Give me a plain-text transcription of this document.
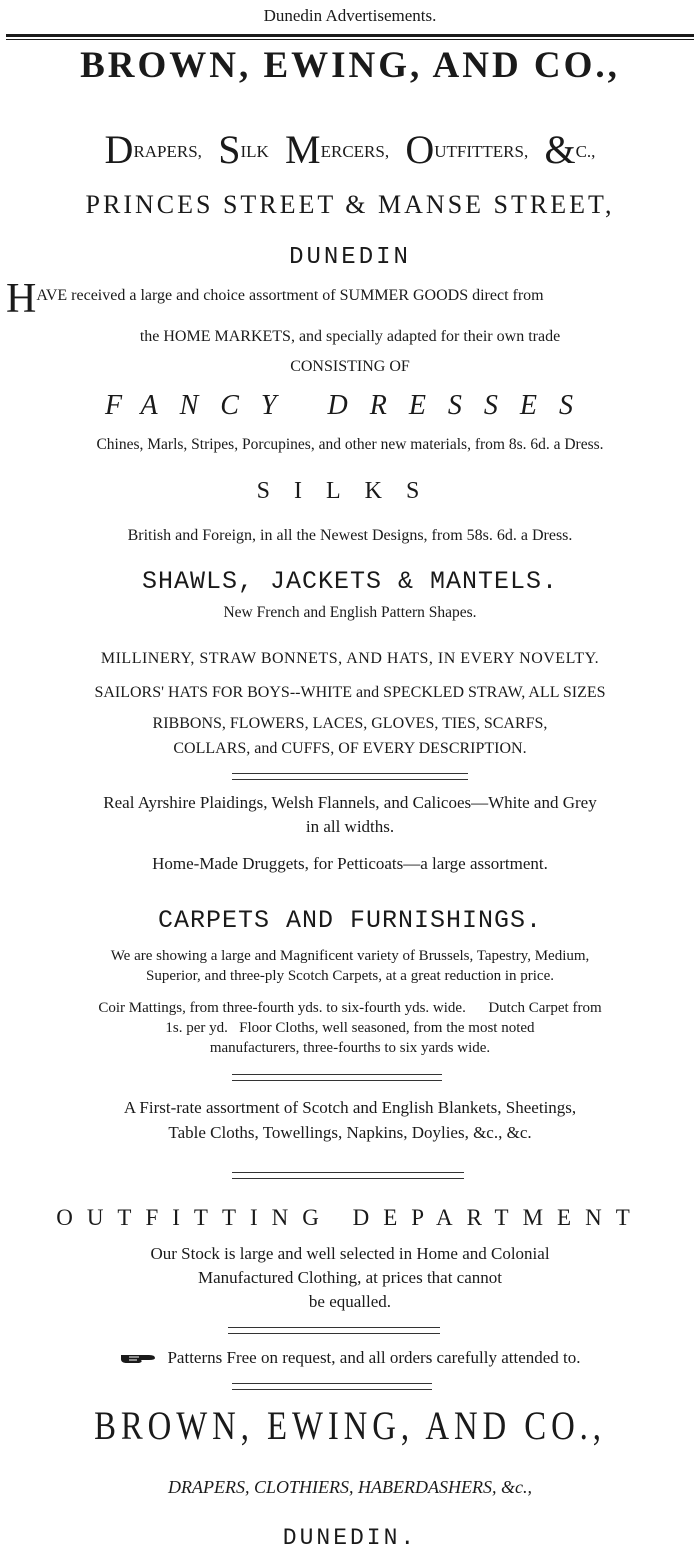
Dunedin Advertisements.
BROWN, EWING, AND CO.,
DRAPERS, SILK MERCERS, OUTFITTERS, &C.,
PRINCES STREET & MANSE STREET,
DUNEDIN
HAVE received a large and choice assortment of SUMMER GOODS direct from
the HOME MARKETS, and specially adapted for their own trade
CONSISTING OF
FANCY DRESSES
Chines, Marls, Stripes, Porcupines, and other new materials, from 8s. 6d. a Dress.
SILKS
British and Foreign, in all the Newest Designs, from 58s. 6d. a Dress.
SHAWLS, JACKETS & MANTELS.
New French and English Pattern Shapes.
MILLINERY, STRAW BONNETS, AND HATS, IN EVERY NOVELTY.
SAILORS' HATS FOR BOYS--WHITE and SPECKLED STRAW, ALL SIZES
RIBBONS, FLOWERS, LACES, GLOVES, TIES, SCARFS,
COLLARS, and CUFFS, OF EVERY DESCRIPTION.
Real Ayrshire Plaidings, Welsh Flannels, and Calicoes—White and Grey
in all widths.
Home-Made Druggets, for Petticoats—a large assortment.
CARPETS AND FURNISHINGS.
We are showing a large and Magnificent variety of Brussels, Tapestry, Medium,
Superior, and three-ply Scotch Carpets, at a great reduction in price.
Coir Mattings, from three-fourth yds. to six-fourth yds. wide.      Dutch Carpet from
1s. per yd.   Floor Cloths, well seasoned, from the most noted
manufacturers, three-fourths to six yards wide.
A First-rate assortment of Scotch and English Blankets, Sheetings,
Table Cloths, Towellings, Napkins, Doylies, &c., &c.
OUTFITTING DEPARTMENT
Our Stock is large and well selected in Home and Colonial
Manufactured Clothing, at prices that cannot
be equalled.
Patterns Free on request, and all orders carefully attended to.
BROWN, EWING, AND CO.,
DRAPERS, CLOTHIERS, HABERDASHERS, &c.,
DUNEDIN.
